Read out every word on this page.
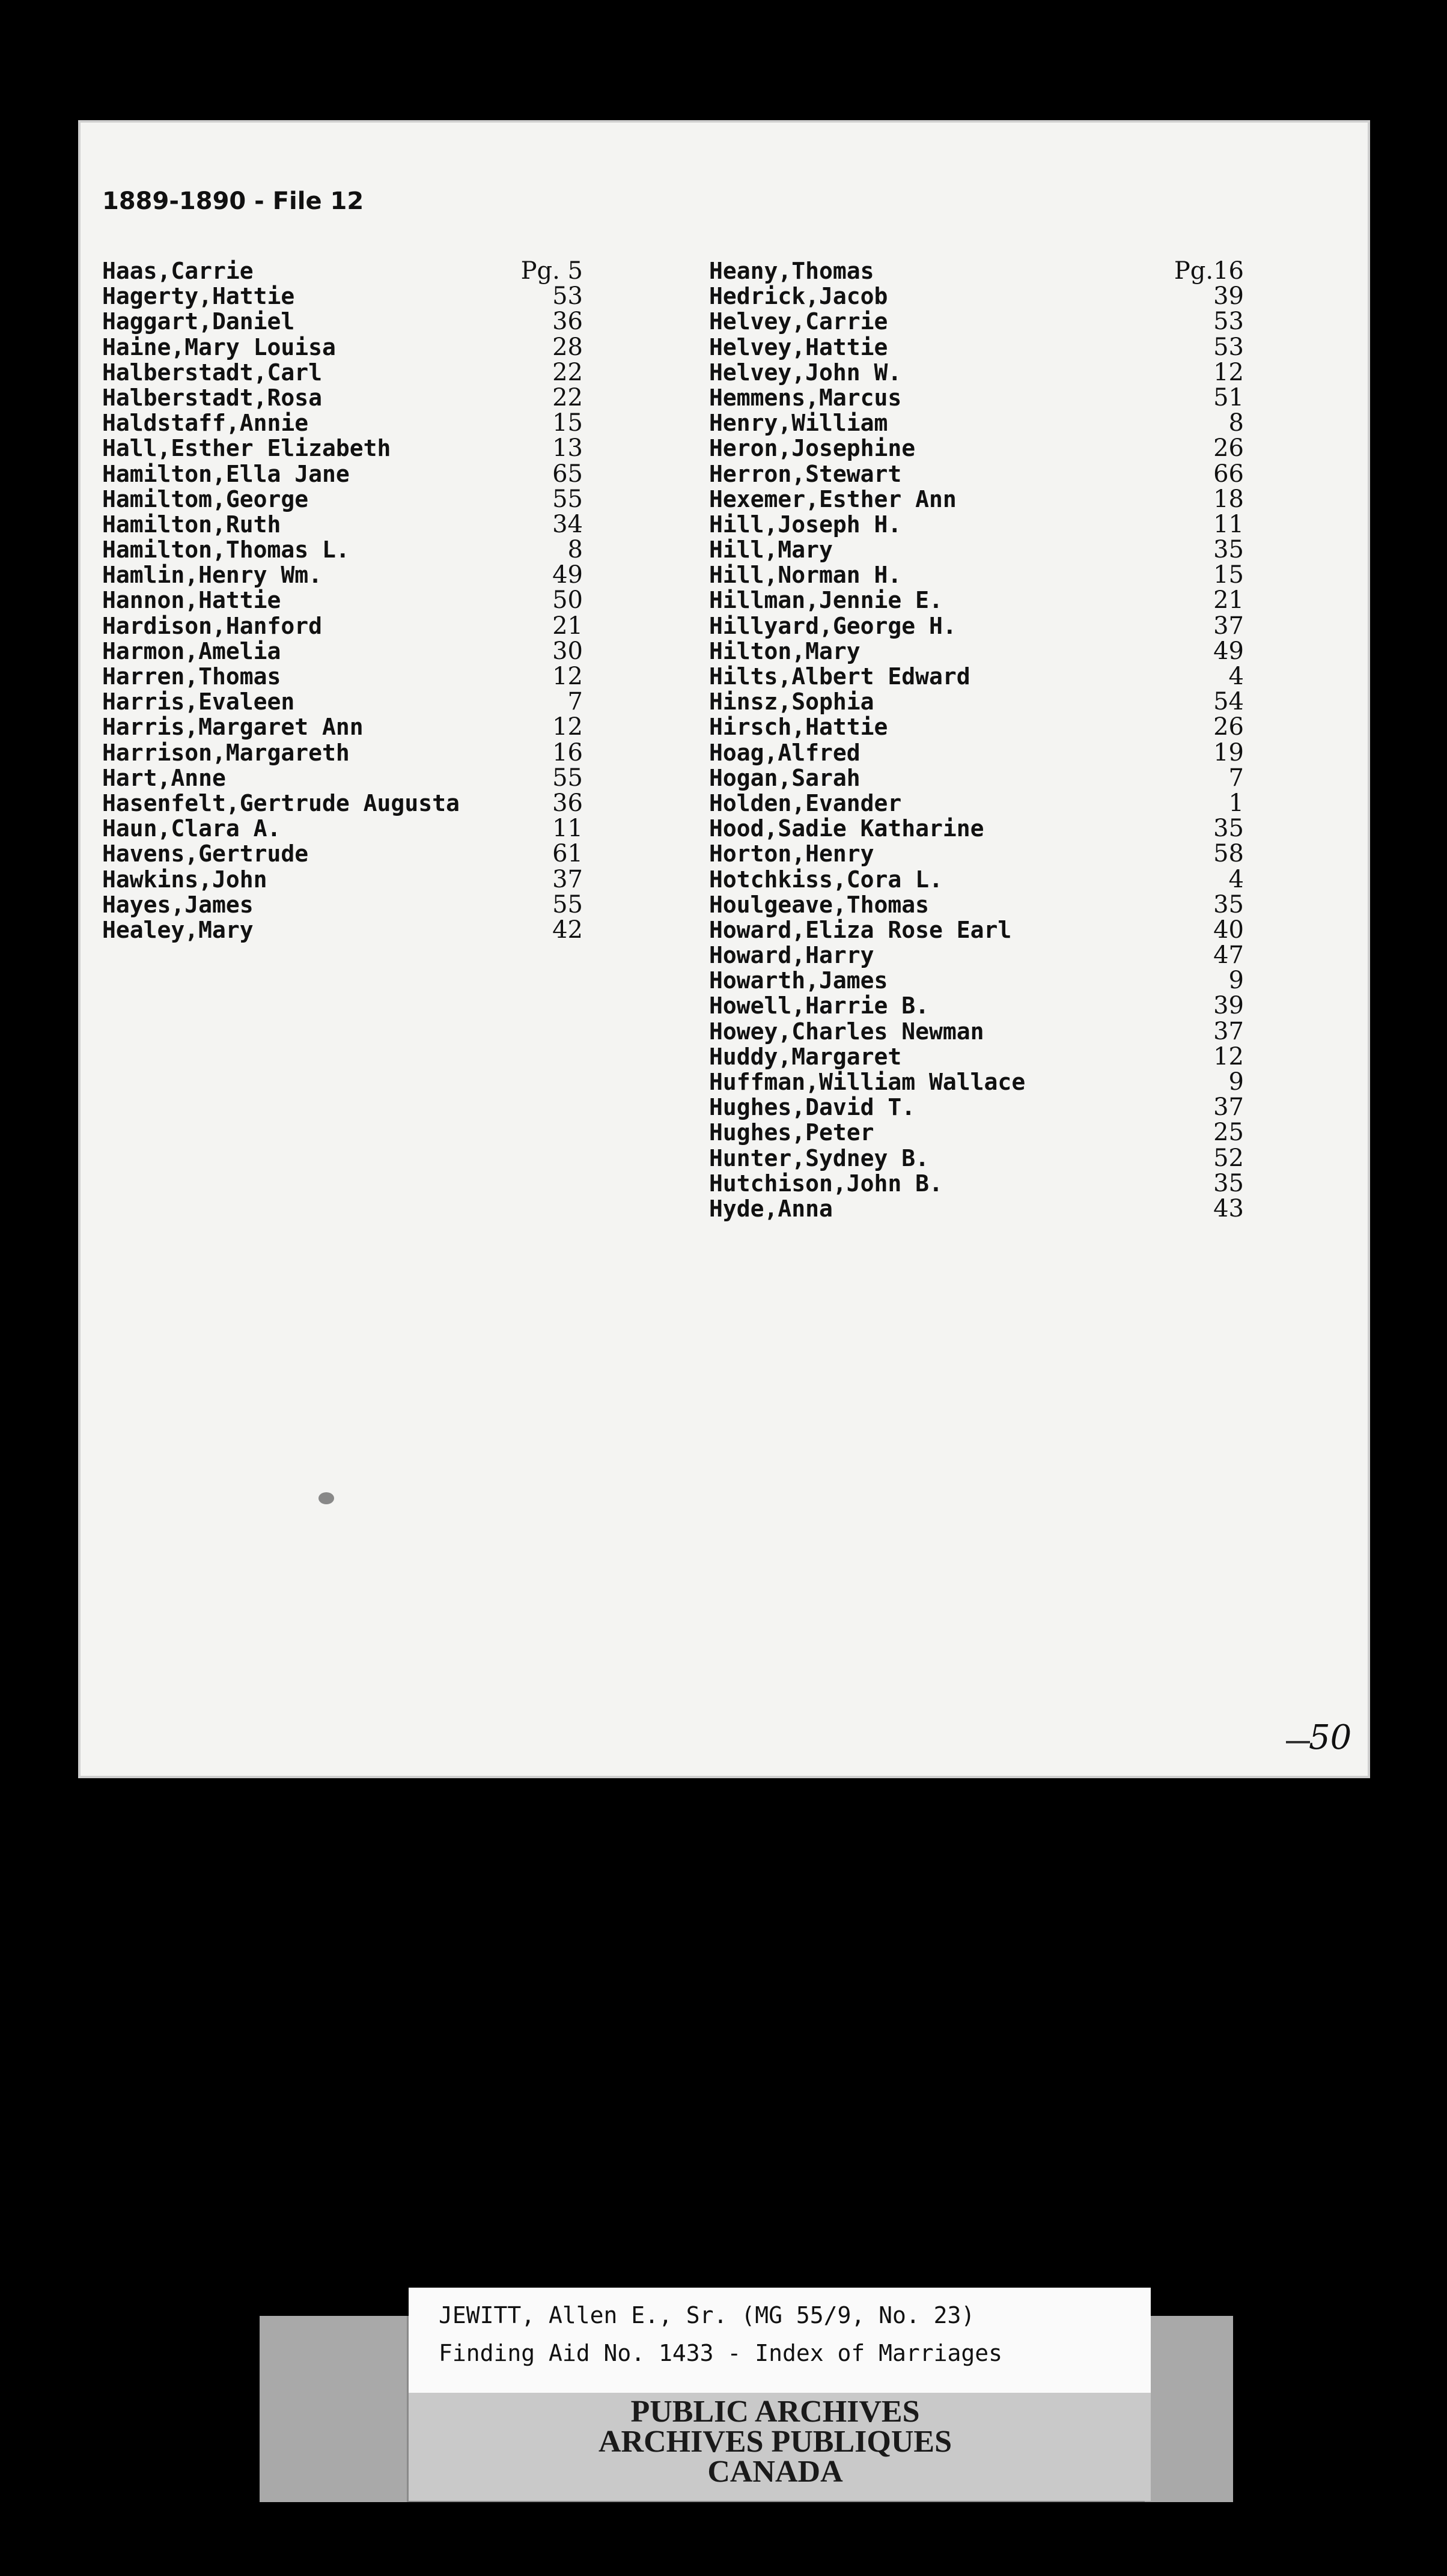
1889-1890 - File 12
Haas,Carrie	Pg. 5
Hagerty,Hattie	53
Haggart,Daniel	36
Haine,Mary Louisa	28
Halberstadt,Carl	22
Halberstadt,Rosa	22
Haldstaff,Annie	15
Hall,Esther Elizabeth	13
Hamilton,Ella Jane	65
Hamiltom,George	55
Hamilton,Ruth	34
Hamilton,Thomas L.	8
Hamlin,Henry Wm.	49
Hannon,Hattie	50
Hardison,Hanford	21
Harmon,Amelia	30
Harren,Thomas	12
Harris,Evaleen	7
Harris,Margaret Ann	12
Harrison,Margareth	16
Hart,Anne	55
Hasenfelt,Gertrude Augusta	36
Haun,Clara A.	11
Havens,Gertrude	61
Hawkins,John	37
Hayes,James	55
Healey,Mary	42
Heany,Thomas	Pg.16
Hedrick,Jacob	39
Helvey,Carrie	53
Helvey,Hattie	53
Helvey,John W.	12
Hemmens,Marcus	51
Henry,William	8
Heron,Josephine	26
Herron,Stewart	66
Hexemer,Esther Ann	18
Hill,Joseph H.	11
Hill,Mary	35
Hill,Norman H.	15
Hillman,Jennie E.	21
Hillyard,George H.	37
Hilton,Mary	49
Hilts,Albert Edward	4
Hinsz,Sophia	54
Hirsch,Hattie	26
Hoag,Alfred	19
Hogan,Sarah	7
Holden,Evander	1
Hood,Sadie Katharine	35
Horton,Henry	58
Hotchkiss,Cora L.	4
Houlgeave,Thomas	35
Howard,Eliza Rose Earl	40
Howard,Harry	47
Howarth,James	9
Howell,Harrie B.	39
Howey,Charles Newman	37
Huddy,Margaret	12
Huffman,William Wallace	9
Hughes,David T.	37
Hughes,Peter	25
Hunter,Sydney B.	52
Hutchison,John B.	35
Hyde,Anna	43
50
JEWITT, Allen E., Sr. (MG 55/9, No. 23)
Finding Aid No. 1433 - Index of Marriages
PUBLIC ARCHIVES
ARCHIVES PUBLIQUES
CANADA
